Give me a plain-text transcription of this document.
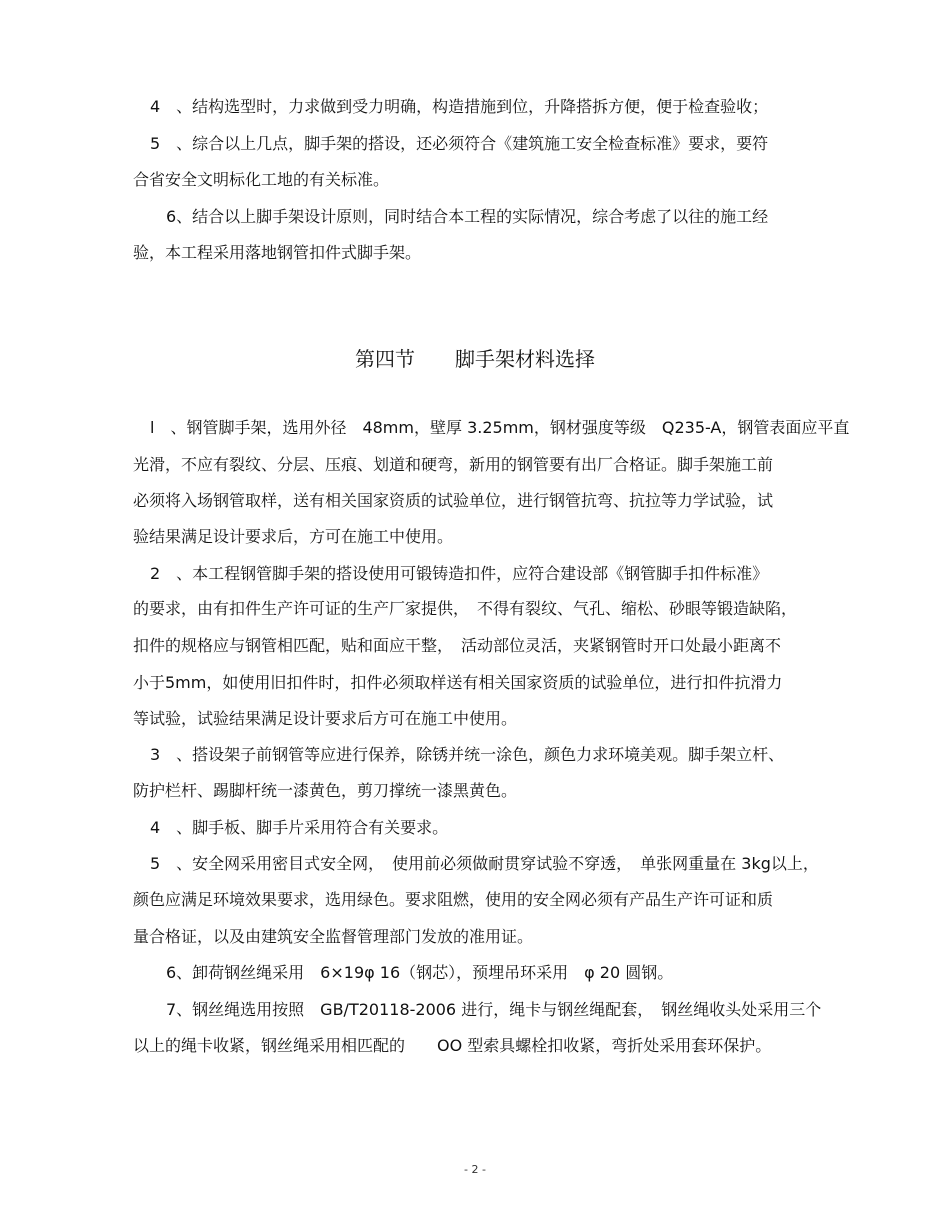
4　、结构选型时，力求做到受力明确，构造措施到位，升降搭拆方便，便于检查验收；
5　、综合以上几点，脚手架的搭设，还必须符合《建筑施工安全检查标准》要求，要符
合省安全文明标化工地的有关标准。
6、结合以上脚手架设计原则，同时结合本工程的实际情况，综合考虑了以往的施工经
验，本工程采用落地钢管扣件式脚手架。
第四节　　脚手架材料选择
l　、钢管脚手架，选用外径　48mm，壁厚 3.25mm，钢材强度等级　Q235-A，钢管表面应平直
光滑，不应有裂纹、分层、压痕、划道和硬弯，新用的钢管要有出厂合格证。脚手架施工前
必须将入场钢管取样，送有相关国家资质的试验单位，进行钢管抗弯、抗拉等力学试验，试
验结果满足设计要求后，方可在施工中使用。
2　、本工程钢管脚手架的搭设使用可锻铸造扣件，应符合建设部《钢管脚手扣件标准》
的要求，由有扣件生产许可证的生产厂家提供，　不得有裂纹、气孔、缩松、砂眼等锻造缺陷，
扣件的规格应与钢管相匹配，贴和面应干整，　活动部位灵活，夹紧钢管时开口处最小距离不
小于5mm，如使用旧扣件时，扣件必须取样送有相关国家资质的试验单位，进行扣件抗滑力
等试验，试验结果满足设计要求后方可在施工中使用。
3　、搭设架子前钢管等应进行保养，除锈并统一涂色，颜色力求环境美观。脚手架立杆、
防护栏杆、踢脚杆统一漆黄色，剪刀撑统一漆黑黄色。
4　、脚手板、脚手片采用符合有关要求。
5　、安全网采用密目式安全网，　使用前必须做耐贯穿试验不穿透，　单张网重量在 3kg以上，
颜色应满足环境效果要求，选用绿色。要求阻燃，使用的安全网必须有产品生产许可证和质
量合格证，以及由建筑安全监督管理部门发放的准用证。
6、卸荷钢丝绳采用　6×19φ 16（钢芯），预埋吊环采用　φ 20 圆钢。
7、钢丝绳选用按照　GB/T20118-2006 进行，绳卡与钢丝绳配套，　钢丝绳收头处采用三个
以上的绳卡收紧，钢丝绳采用相匹配的　　OO 型索具螺栓扣收紧，弯折处采用套环保护。
- 2 -
